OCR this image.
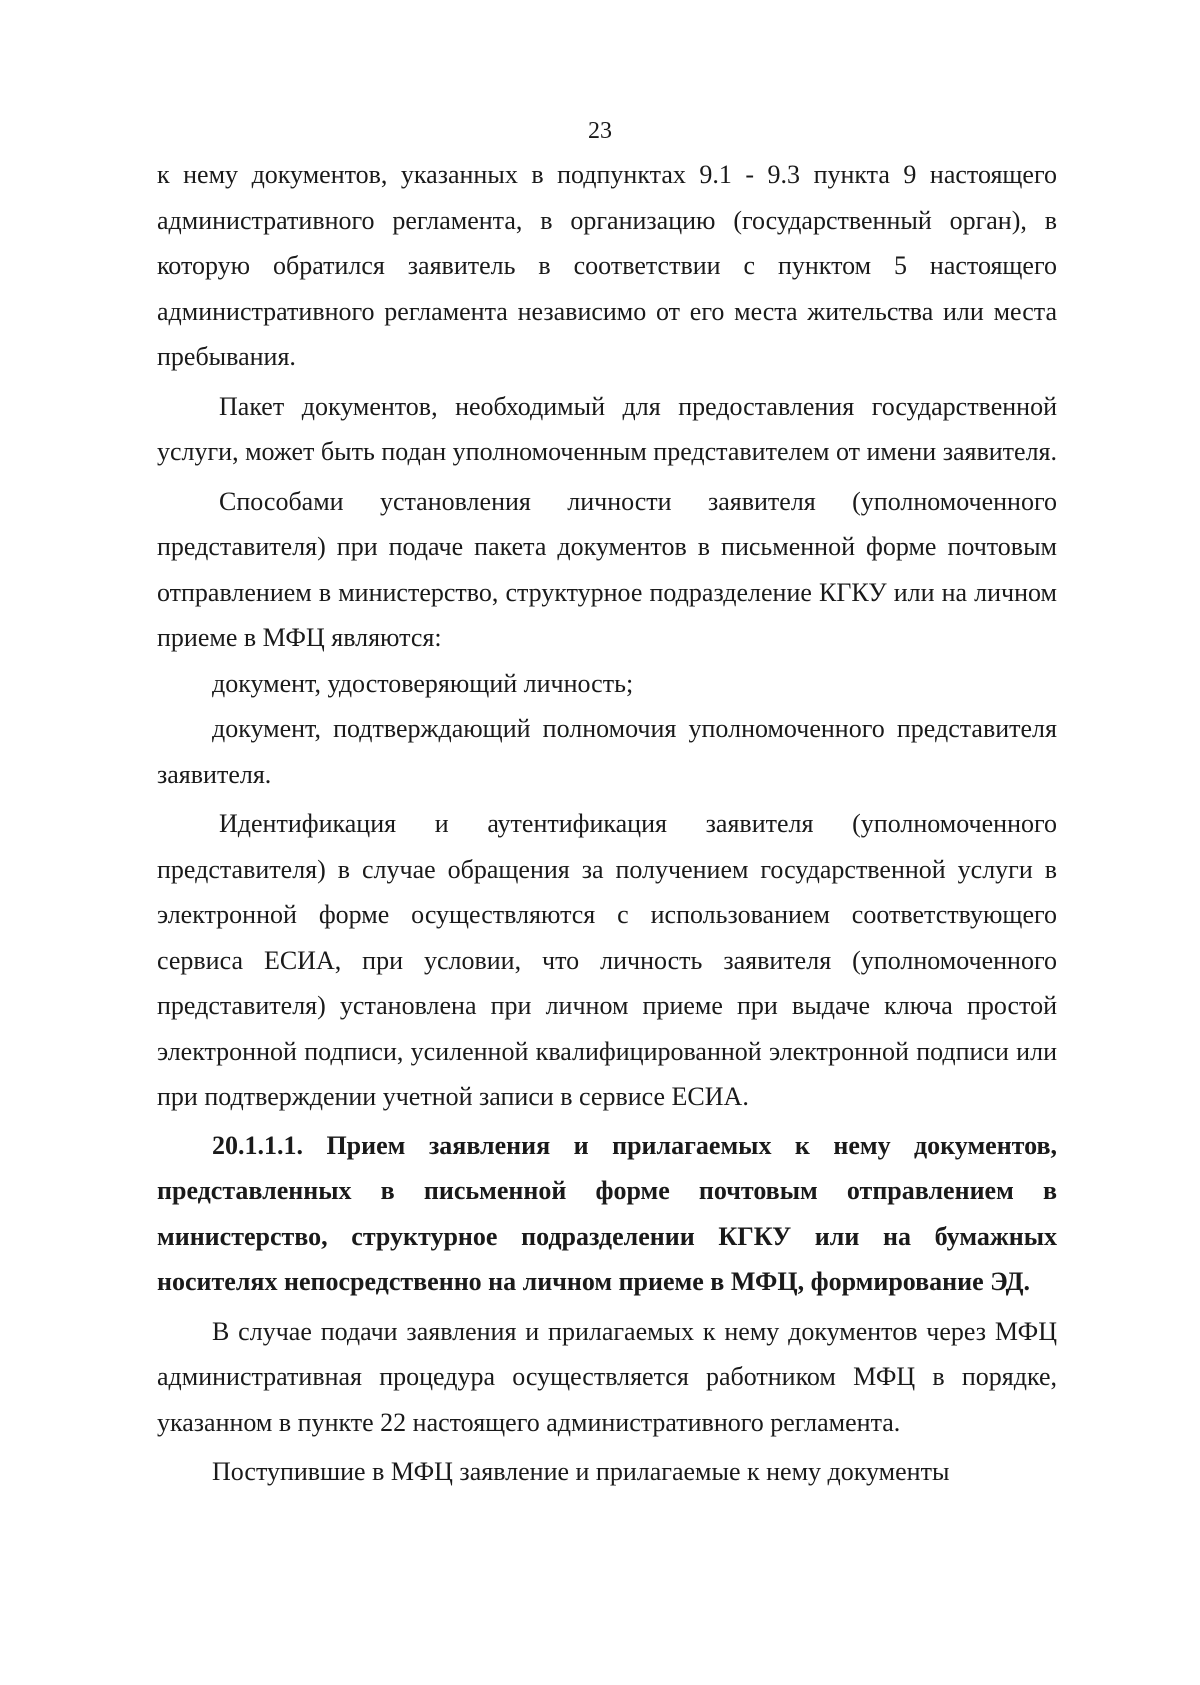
23

к нему документов, указанных в подпунктах 9.1 - 9.3 пункта 9 настоящего административного регламента, в организацию (государственный орган), в которую обратился заявитель в соответствии с пунктом 5 настоящего административного регламента независимо от его места жительства или места пребывания.

Пакет документов, необходимый для предоставления государственной услуги, может быть подан уполномоченным представителем от имени заявителя.

Способами установления личности заявителя (уполномоченного представителя) при подаче пакета документов в письменной форме почтовым отправлением в министерство, структурное подразделение КГКУ или на личном приеме в МФЦ являются:

документ, удостоверяющий личность;

документ, подтверждающий полномочия уполномоченного представителя заявителя.

Идентификация и аутентификация заявителя (уполномоченного представителя) в случае обращения за получением государственной услуги в электронной форме осуществляются с использованием соответствующего сервиса ЕСИА, при условии, что личность заявителя (уполномоченного представителя) установлена при личном приеме при выдаче ключа простой электронной подписи, усиленной квалифицированной электронной подписи или при подтверждении учетной записи в сервисе ЕСИА.

20.1.1.1. Прием заявления и прилагаемых к нему документов, представленных в письменной форме почтовым отправлением в министерство, структурное подразделении КГКУ или на бумажных носителях непосредственно на личном приеме в МФЦ, формирование ЭД.

В случае подачи заявления и прилагаемых к нему документов через МФЦ административная процедура осуществляется работником МФЦ в порядке, указанном в пункте 22 настоящего административного регламента.

Поступившие в МФЦ заявление и прилагаемые к нему документы
